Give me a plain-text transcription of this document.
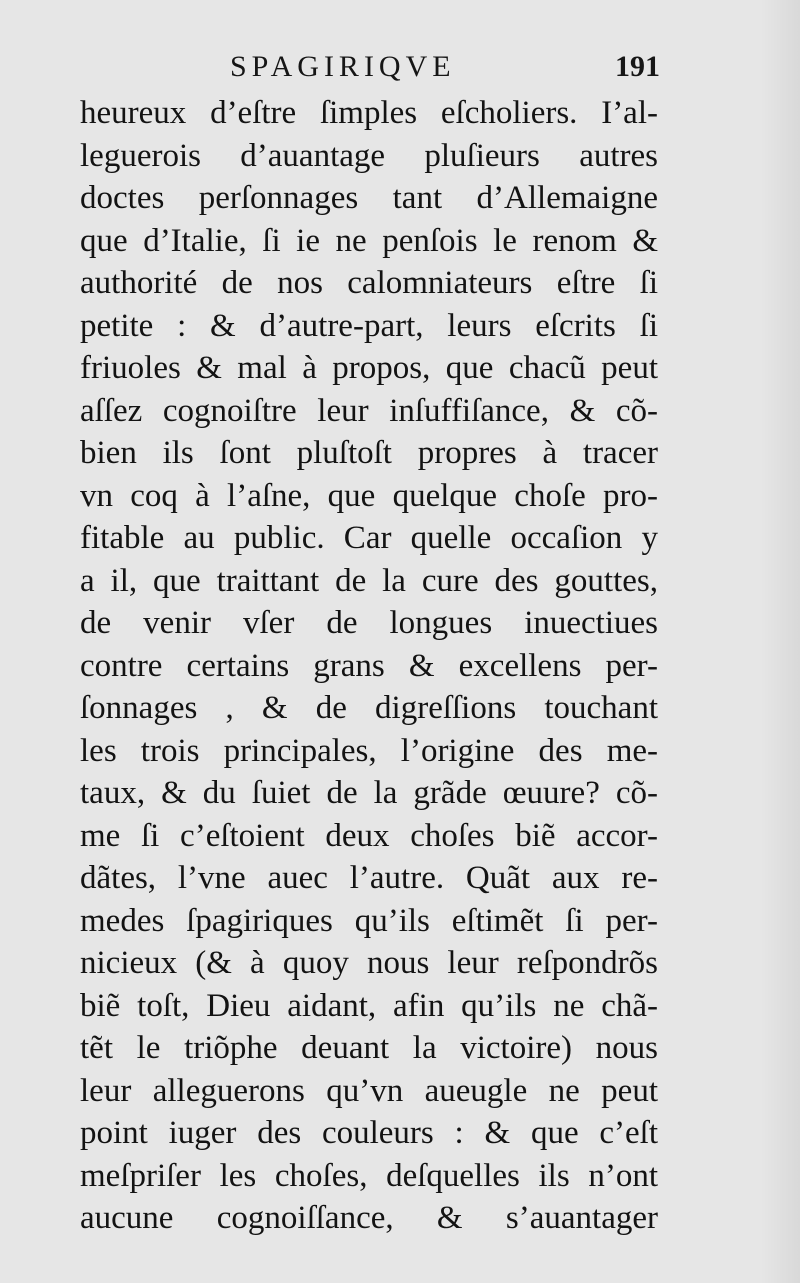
SPAGIRIQVE	191
heureux d’eſtre ſimples eſcholiers. I’al-
leguerois d’auantage pluſieurs autres
doctes perſonnages tant d’Allemaigne
que d’Italie, ſi ie ne penſois le renom &
authorité de nos calomniateurs eſtre ſi
petite : & d’autre-part, leurs eſcrits ſi
friuoles & mal à propos, que chacũ peut
aſſez cognoiſtre leur inſuffiſance, & cõ-
bien ils ſont pluſtoſt propres à tracer
vn coq à l’aſne, que quelque choſe pro-
fitable au public. Car quelle occaſion y
a il, que traittant de la cure des gouttes,
de venir vſer de longues inuectiues
contre certains grans & excellens per-
ſonnages , & de digreſſions touchant
les trois principales, l’origine des me-
taux, & du ſuiet de la grãde œuure? cõ-
me ſi c’eſtoient deux choſes biẽ accor-
dãtes, l’vne auec l’autre. Quãt aux re-
medes ſpagiriques qu’ils eſtimẽt ſi per-
nicieux (& à quoy nous leur reſpondrõs
biẽ toſt, Dieu aidant, afin qu’ils ne chã-
tẽt le triõphe deuant la victoire) nous
leur alleguerons qu’vn aueugle ne peut
point iuger des couleurs : & que c’eſt
meſpriſer les choſes, deſquelles ils n’ont
aucune cognoiſſance, & s’auantager
